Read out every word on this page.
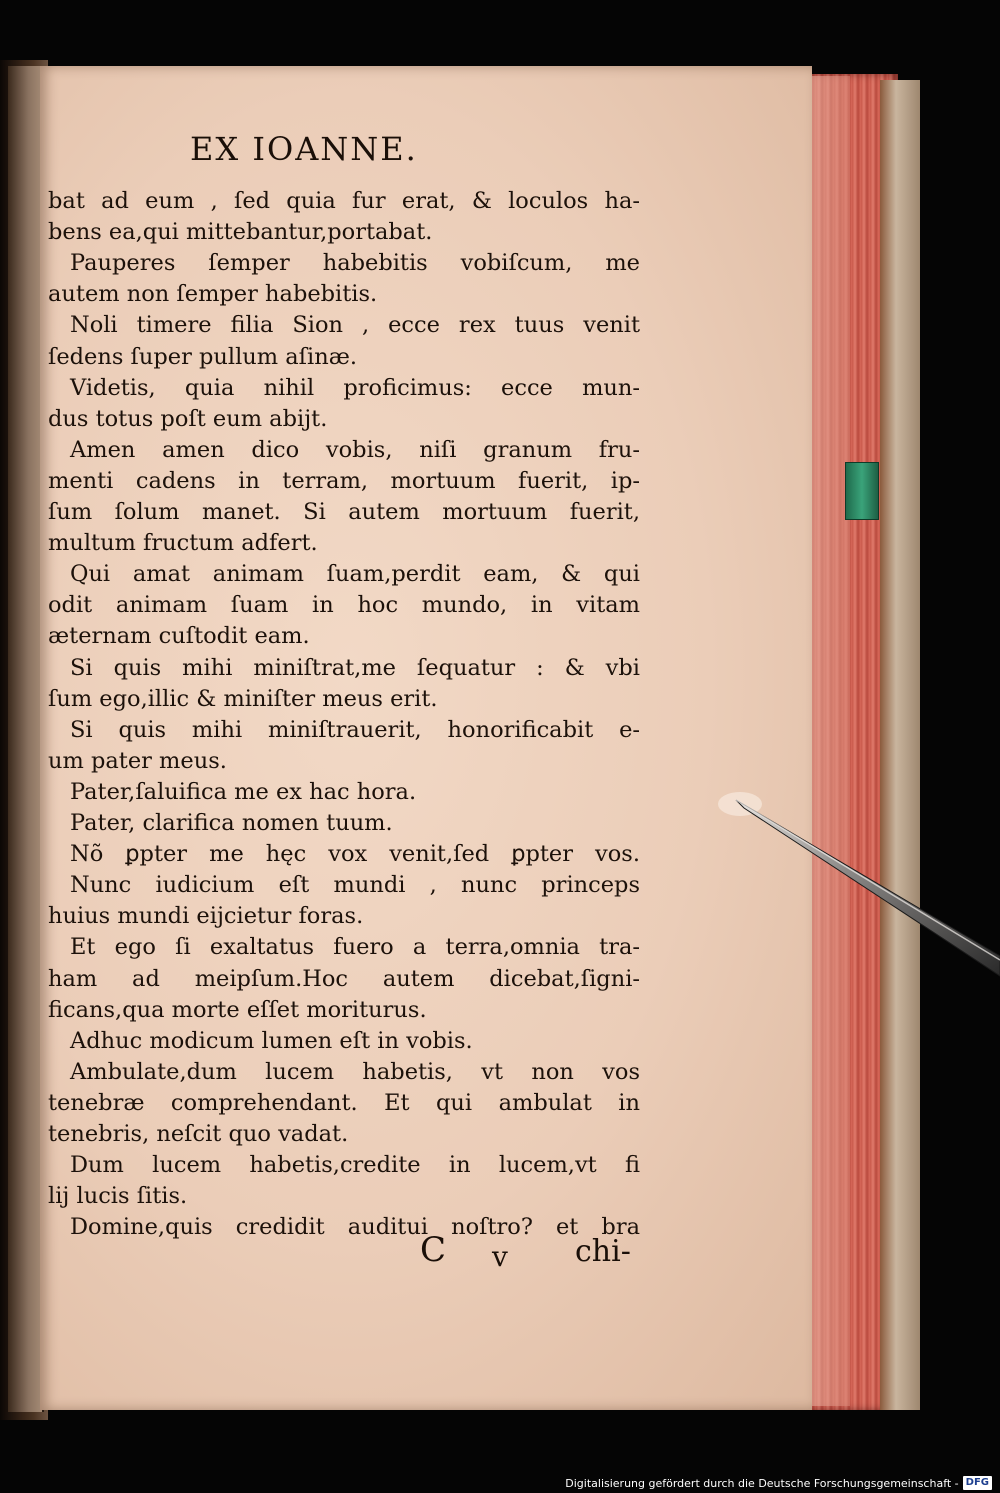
EX IOANNE.
bat ad eum , ſed quia fur erat, & loculos ha-
bens ea,qui mittebantur,portabat.
Pauperes ſemper habebitis vobiſcum, me
autem non ſemper habebitis.
Noli timere filia Sion , ecce rex tuus venit
ſedens ſuper pullum aſinæ.
Videtis, quia nihil proficimus: ecce mun-
dus totus poſt eum abijt.
Amen amen dico vobis, niſi granum fru-
menti cadens in terram, mortuum fuerit, ip-
ſum ſolum manet. Si autem mortuum fuerit,
multum fructum adfert.
Qui amat animam ſuam,perdit eam, & qui
odit animam ſuam in hoc mundo, in vitam
æternam cuſtodit eam.
Si quis mihi miniſtrat,me ſequatur : & vbi
ſum ego,illic & miniſter meus erit.
Si quis mihi miniſtrauerit, honorificabit e-
um pater meus.
Pater,ſaluifica me ex hac hora.
Pater, clarifica nomen tuum.
Nõ ꝑpter me hęc vox venit,ſed ꝑpter vos.
Nunc iudicium eſt mundi , nunc princeps
huius mundi eijcietur foras.
Et ego ſi exaltatus fuero a terra,omnia tra-
ham ad meipſum.Hoc autem dicebat,ſigni-
ficans,qua morte eſſet moriturus.
Adhuc modicum lumen eſt in vobis.
Ambulate,dum lucem habetis, vt non vos
tenebræ comprehendant. Et qui ambulat in
tenebris, neſcit quo vadat.
Dum lucem habetis,credite in lucem,vt fi
lij lucis ſitis.
Domine,quis credidit auditui noſtro? et bra
C v chi-
Digitalisierung gefördert durch die Deutsche Forschungsgemeinschaft - DFG
